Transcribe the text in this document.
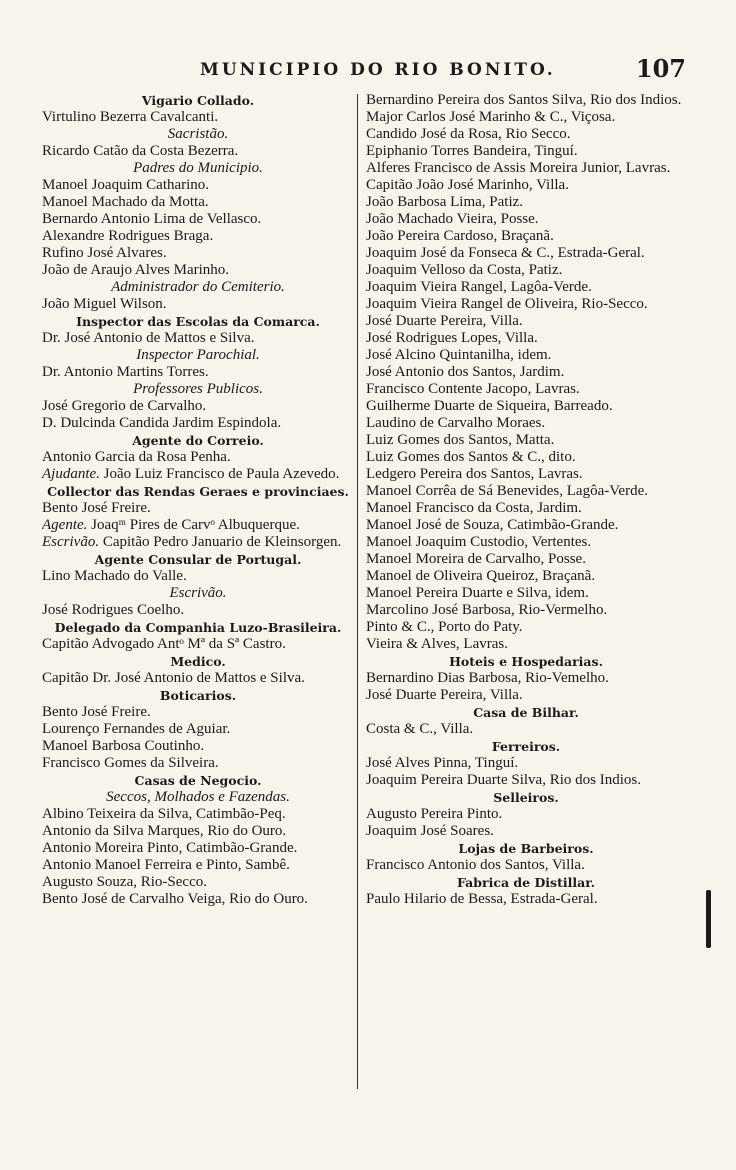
MUNICIPIO DO RIO BONITO.	107
Vigario Collado.
Virtulino Bezerra Cavalcanti.
Sacristão.
Ricardo Catão da Costa Bezerra.
Padres do Municipio.
Manoel Joaquim Catharino.
Manoel Machado da Motta.
Bernardo Antonio Lima de Vellasco.
Alexandre Rodrigues Braga.
Rufino José Alvares.
João de Araujo Alves Marinho.
Administrador do Cemiterio.
João Miguel Wilson.
Inspector das Escolas da Comarca.
Dr. José Antonio de Mattos e Silva.
Inspector Parochial.
Dr. Antonio Martins Torres.
Professores Publicos.
José Gregorio de Carvalho.
D. Dulcinda Candida Jardim Espindola.
Agente do Correio.
Antonio Garcia da Rosa Penha.
Ajudante. João Luiz Francisco de Paula Azevedo.
Collector das Rendas Geraes e provinciaes.
Bento José Freire.
Agente. Joaqᵐ Pires de Carvᵒ Albuquerque.
Escrivão. Capitão Pedro Januario de Kleinsorgen.
Agente Consular de Portugal.
Lino Machado do Valle.
Escrivão.
José Rodrigues Coelho.
Delegado da Companhia Luzo-Brasileira.
Capitão Advogado Antᵒ Mª da Sª Castro.
Medico.
Capitão Dr. José Antonio de Mattos e Silva.
Boticarios.
Bento José Freire.
Lourenço Fernandes de Aguiar.
Manoel Barbosa Coutinho.
Francisco Gomes da Silveira.
Casas de Negocio.
Seccos, Molhados e Fazendas.
Albino Teixeira da Silva, Catimbão-Peq.
Antonio da Silva Marques, Rio do Ouro.
Antonio Moreira Pinto, Catimbão-Grande.
Antonio Manoel Ferreira e Pinto, Sambê.
Augusto Souza, Rio-Secco.
Bento José de Carvalho Veiga, Rio do Ouro.
Bernardino Pereira dos Santos Silva, Rio dos Indios.
Major Carlos José Marinho & C., Viçosa.
Candido José da Rosa, Rio Secco.
Epiphanio Torres Bandeira, Tinguí.
Alferes Francisco de Assis Moreira Junior, Lavras.
Capitão João José Marinho, Villa.
João Barbosa Lima, Patiz.
João Machado Vieira, Posse.
João Pereira Cardoso, Braçanã.
Joaquim José da Fonseca & C., Estrada-Geral.
Joaquim Velloso da Costa, Patiz.
Joaquim Vieira Rangel, Lagôa-Verde.
Joaquim Vieira Rangel de Oliveira, Rio-Secco.
José Duarte Pereira, Villa.
José Rodrigues Lopes, Villa.
José Alcino Quintanilha, idem.
José Antonio dos Santos, Jardim.
Francisco Contente Jacopo, Lavras.
Guilherme Duarte de Siqueira, Barreado.
Laudino de Carvalho Moraes.
Luiz Gomes dos Santos, Matta.
Luiz Gomes dos Santos & C., dito.
Ledgero Pereira dos Santos, Lavras.
Manoel Corrêa de Sá Benevides, Lagôa-Verde.
Manoel Francisco da Costa, Jardim.
Manoel José de Souza, Catimbão-Grande.
Manoel Joaquim Custodio, Vertentes.
Manoel Moreira de Carvalho, Posse.
Manoel de Oliveira Queiroz, Braçanã.
Manoel Pereira Duarte e Silva, idem.
Marcolino José Barbosa, Rio-Vermelho.
Pinto & C., Porto do Paty.
Vieira & Alves, Lavras.
Hoteis e Hospedarias.
Bernardino Dias Barbosa, Rio-Vemelho.
José Duarte Pereira, Villa.
Casa de Bilhar.
Costa & C., Villa.
Ferreiros.
José Alves Pinna, Tinguí.
Joaquim Pereira Duarte Silva, Rio dos Indios.
Selleiros.
Augusto Pereira Pinto.
Joaquim José Soares.
Lojas de Barbeiros.
Francisco Antonio dos Santos, Villa.
Fabrica de Distillar.
Paulo Hilario de Bessa, Estrada-Geral.
